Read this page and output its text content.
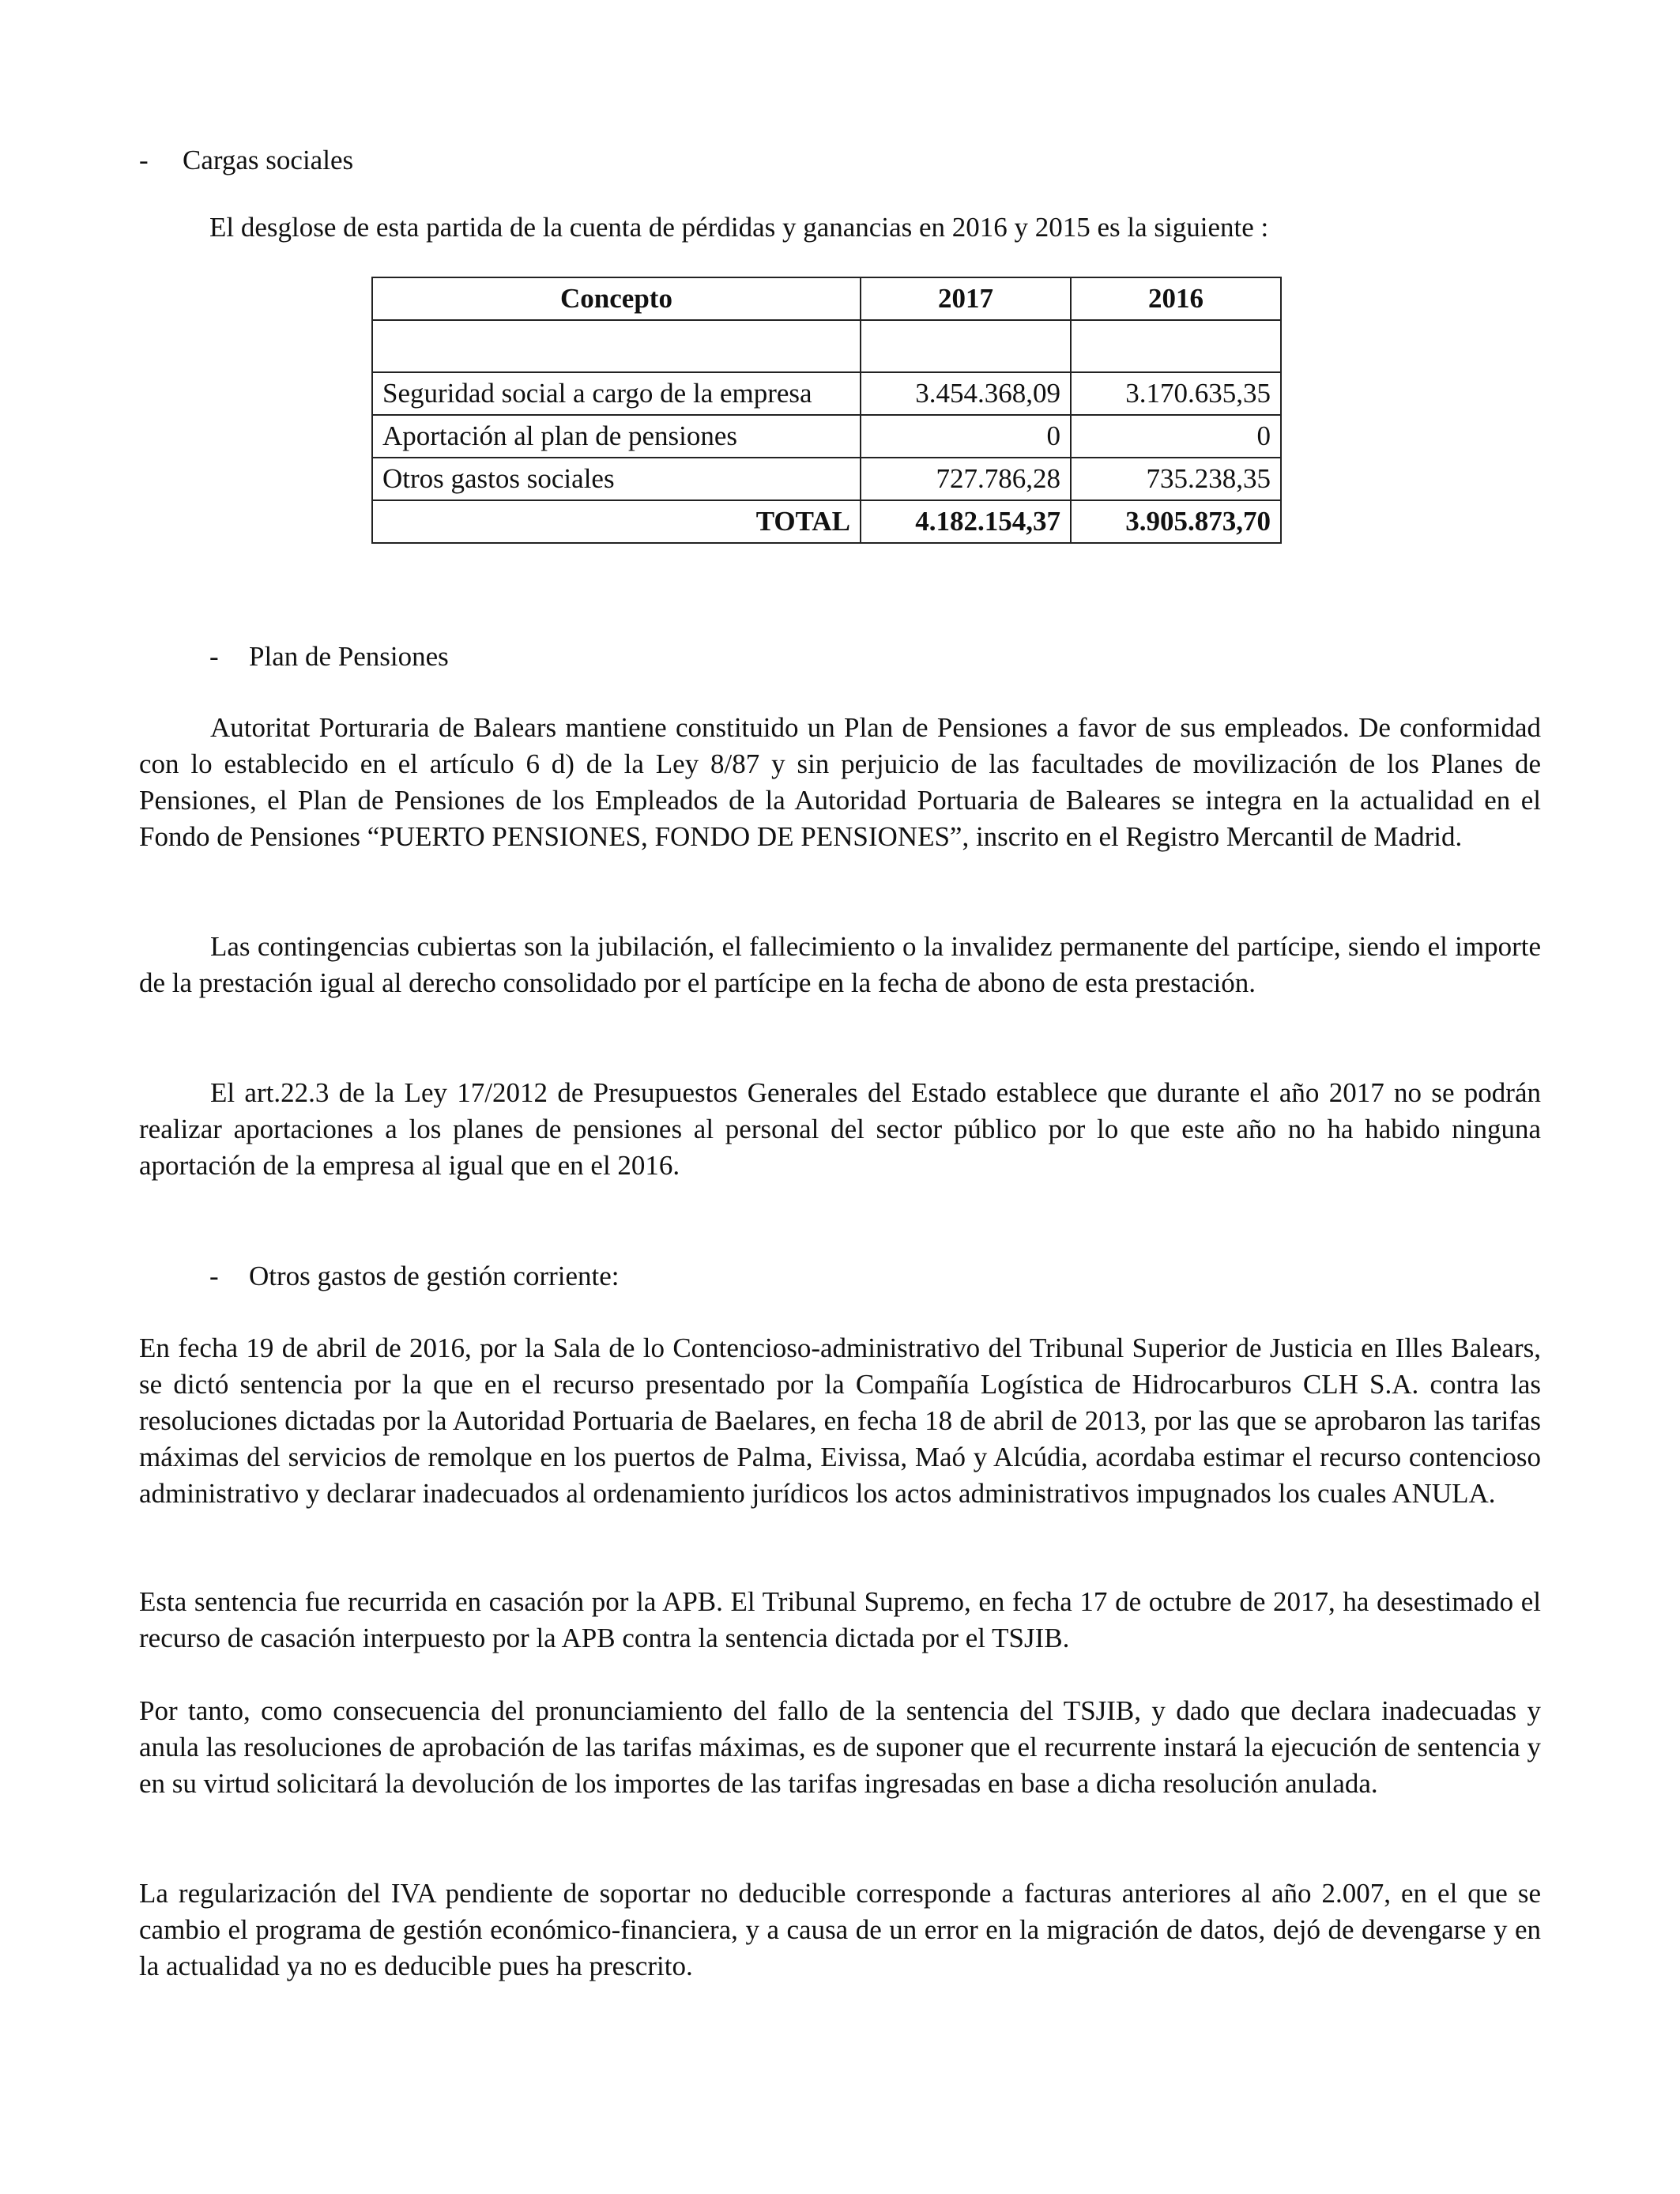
- Cargas sociales
El desglose de esta partida de la cuenta de pérdidas y ganancias en 2016 y 2015 es la siguiente :
Concepto	2017	2016

Seguridad social a cargo de la empresa	3.454.368,09	3.170.635,35
Aportación al plan de pensiones	0	0
Otros gastos sociales	727.786,28	735.238,35
TOTAL	4.182.154,37	3.905.873,70
- Plan de Pensiones

Autoritat Porturaria de Balears mantiene constituido un Plan de Pensiones a favor de sus empleados. De conformidad con lo establecido en el artículo 6 d) de la Ley 8/87 y sin perjuicio de las facultades de movilización de los Planes de Pensiones, el Plan de Pensiones de los Empleados de la Autoridad Portuaria de Baleares se integra en la actualidad en el Fondo de Pensiones “PUERTO PENSIONES, FONDO DE PENSIONES”, inscrito en el Registro Mercantil de Madrid.

Las contingencias cubiertas son la jubilación, el fallecimiento o la invalidez permanente del partícipe, siendo el importe de la prestación igual al derecho consolidado por el partícipe en la fecha de abono de esta prestación.

El art.22.3 de la Ley 17/2012 de Presupuestos Generales del Estado establece que durante el año 2017 no se podrán realizar aportaciones a los planes de pensiones al personal del sector público por lo que este año no ha habido ninguna aportación de la empresa al igual que en el 2016.

- Otros gastos de gestión corriente:

En fecha 19 de abril de 2016, por la Sala de lo Contencioso-administrativo del Tribunal Superior de Justicia en Illes Balears, se dictó sentencia por la que en el recurso presentado por la Compañía Logística de Hidrocarburos CLH S.A. contra las resoluciones dictadas por la Autoridad Portuaria de Baelares, en fecha 18 de abril de 2013, por las que se aprobaron las tarifas máximas del servicios de remolque en los puertos de Palma, Eivissa, Maó y Alcúdia, acordaba estimar el recurso contencioso administrativo y declarar inadecuados al ordenamiento jurídicos los actos administrativos impugnados los cuales ANULA.

Esta sentencia fue recurrida en casación por la APB. El Tribunal Supremo, en fecha 17 de octubre de 2017, ha desestimado el recurso de casación interpuesto por la APB contra la sentencia dictada por el TSJIB.

Por tanto, como consecuencia del pronunciamiento del fallo de la sentencia del TSJIB, y dado que declara inadecuadas y anula las resoluciones de aprobación de las tarifas máximas, es de suponer que el recurrente instará la ejecución de sentencia y en su virtud solicitará la devolución de los importes de las tarifas ingresadas en base a dicha resolución anulada.

La regularización del IVA pendiente de soportar no deducible corresponde a facturas anteriores al año 2.007, en el que se cambio el programa de gestión económico-financiera, y a causa de un error en la migración de datos, dejó de devengarse y en la actualidad ya no es deducible pues ha prescrito.
